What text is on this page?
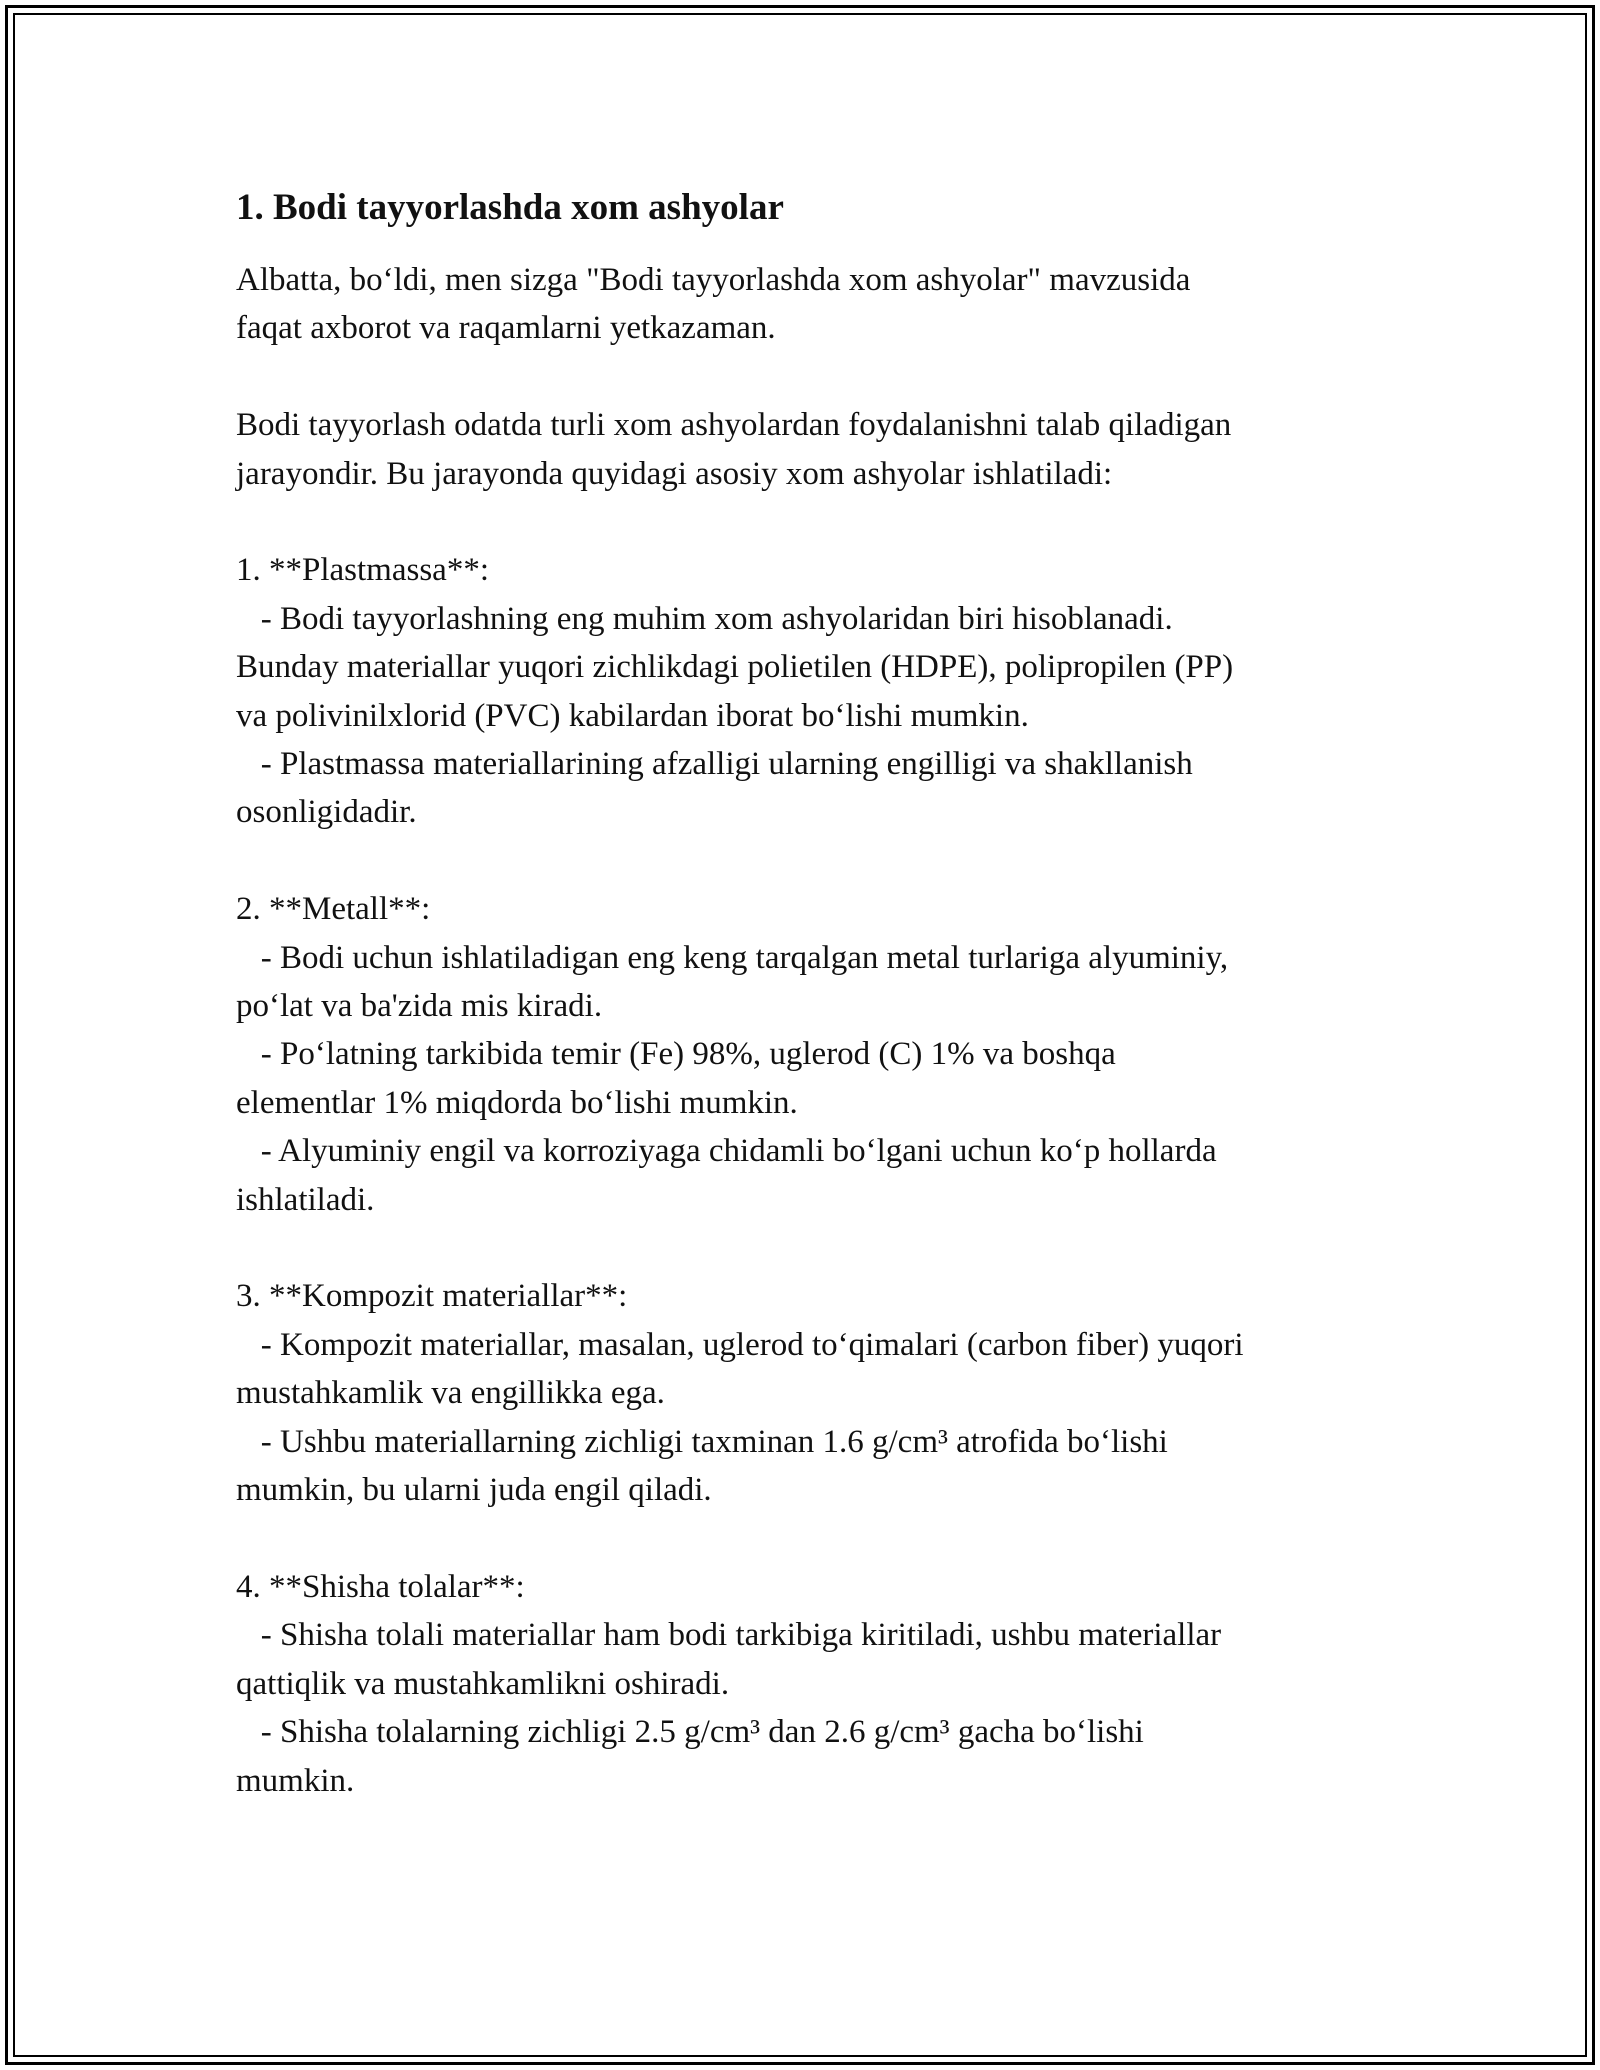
1. Bodi tayyorlashda xom ashyolar

Albatta, bo‘ldi, men sizga "Bodi tayyorlashda xom ashyolar" mavzusida
faqat axborot va raqamlarni yetkazaman.

Bodi tayyorlash odatda turli xom ashyolardan foydalanishni talab qiladigan
jarayondir. Bu jarayonda quyidagi asosiy xom ashyolar ishlatiladi:

1. **Plastmassa**:
- Bodi tayyorlashning eng muhim xom ashyolaridan biri hisoblanadi.
Bunday materiallar yuqori zichlikdagi polietilen (HDPE), polipropilen (PP)
va polivinilxlorid (PVC) kabilardan iborat bo‘lishi mumkin.
- Plastmassa materiallarining afzalligi ularning engilligi va shakllanish
osonligidadir.

2. **Metall**:
- Bodi uchun ishlatiladigan eng keng tarqalgan metal turlariga alyuminiy,
po‘lat va ba'zida mis kiradi.
- Po‘latning tarkibida temir (Fe) 98%, uglerod (C) 1% va boshqa
elementlar 1% miqdorda bo‘lishi mumkin.
- Alyuminiy engil va korroziyaga chidamli bo‘lgani uchun ko‘p hollarda
ishlatiladi.

3. **Kompozit materiallar**:
- Kompozit materiallar, masalan, uglerod to‘qimalari (carbon fiber) yuqori
mustahkamlik va engillikka ega.
- Ushbu materiallarning zichligi taxminan 1.6 g/cm³ atrofida bo‘lishi
mumkin, bu ularni juda engil qiladi.

4. **Shisha tolalar**:
- Shisha tolali materiallar ham bodi tarkibiga kiritiladi, ushbu materiallar
qattiqlik va mustahkamlikni oshiradi.
- Shisha tolalarning zichligi 2.5 g/cm³ dan 2.6 g/cm³ gacha bo‘lishi
mumkin.
